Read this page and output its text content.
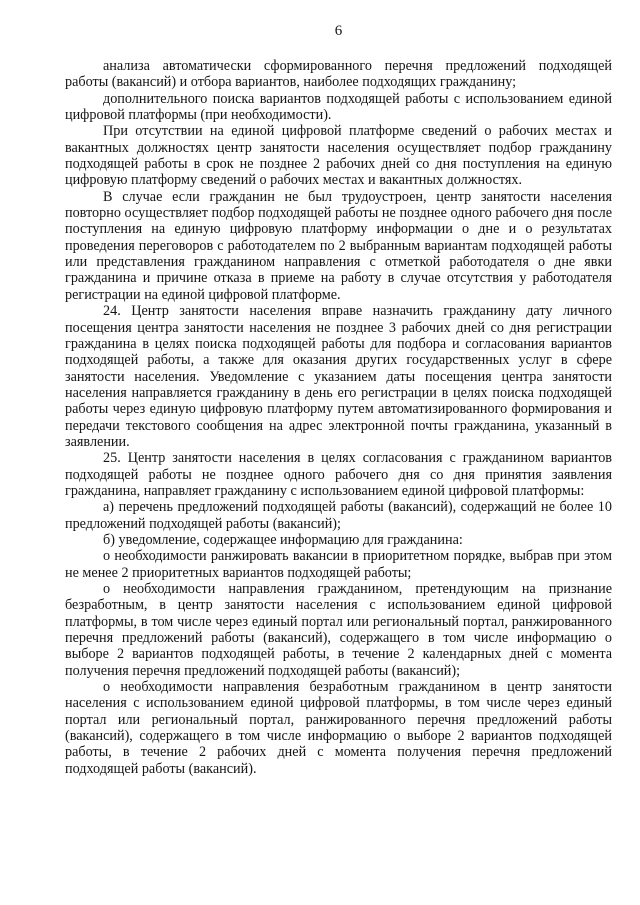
6

анализа автоматически сформированного перечня предложений подходящей работы (вакансий) и отбора вариантов, наиболее подходящих гражданину;

дополнительного поиска вариантов подходящей работы с использованием единой цифровой платформы (при необходимости).

При отсутствии на единой цифровой платформе сведений о рабочих местах и вакантных должностях центр занятости населения осуществляет подбор гражданину подходящей работы в срок не позднее 2 рабочих дней со дня поступления на единую цифровую платформу сведений о рабочих местах и вакантных должностях.

В случае если гражданин не был трудоустроен, центр занятости населения повторно осуществляет подбор подходящей работы не позднее одного рабочего дня после поступления на единую цифровую платформу информации о дне и о результатах проведения переговоров с работодателем по 2 выбранным вариантам подходящей работы или представления гражданином направления с отметкой работодателя о дне явки гражданина и причине отказа в приеме на работу в случае отсутствия у работодателя регистрации на единой цифровой платформе.

24. Центр занятости населения вправе назначить гражданину дату личного посещения центра занятости населения не позднее 3 рабочих дней со дня регистрации гражданина в целях поиска подходящей работы для подбора и согласования вариантов подходящей работы, а также для оказания других государственных услуг в сфере занятости населения. Уведомление с указанием даты посещения центра занятости населения направляется гражданину в день его регистрации в целях поиска подходящей работы через единую цифровую платформу путем автоматизированного формирования и передачи текстового сообщения на адрес электронной почты гражданина, указанный в заявлении.

25. Центр занятости населения в целях согласования с гражданином вариантов подходящей работы не позднее одного рабочего дня со дня принятия заявления гражданина, направляет гражданину с использованием единой цифровой платформы:

а) перечень предложений подходящей работы (вакансий), содержащий не более 10 предложений подходящей работы (вакансий);

б) уведомление, содержащее информацию для гражданина:

о необходимости ранжировать вакансии в приоритетном порядке, выбрав при этом не менее 2 приоритетных вариантов подходящей работы;

о необходимости направления гражданином, претендующим на признание безработным, в центр занятости населения с использованием единой цифровой платформы, в том числе через единый портал или региональный портал, ранжированного перечня предложений работы (вакансий), содержащего в том числе информацию о выборе 2 вариантов подходящей работы, в течение 2 календарных дней с момента получения перечня предложений подходящей работы (вакансий);

о необходимости направления безработным гражданином в центр занятости населения с использованием единой цифровой платформы, в том числе через единый портал или региональный портал, ранжированного перечня предложений работы (вакансий), содержащего в том числе информацию о выборе 2 вариантов подходящей работы, в течение 2 рабочих дней с момента получения перечня предложений подходящей работы (вакансий).
